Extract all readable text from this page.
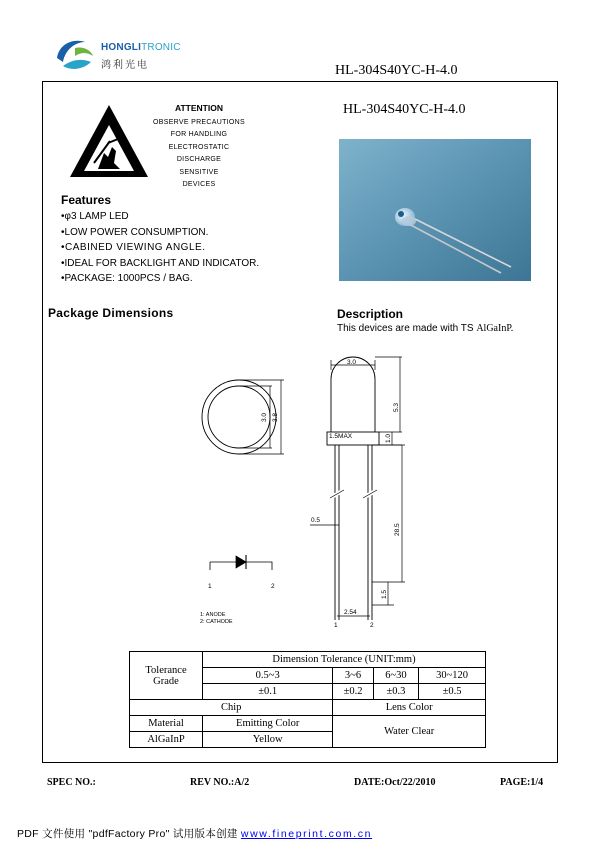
HONGLITRONIC
鸿利光电	HL-304S40YC-H-4.0
ATTENTION
OBSERVE PRECAUTIONS
FOR HANDLING
ELECTROSTATIC
DISCHARGE
SENSITIVE
DEVICES
HL-304S40YC-H-4.0
Features
•φ3 LAMP LED
•LOW POWER CONSUMPTION.
•CABINED VIEWING ANGLE.
•IDEAL FOR BACKLIGHT AND INDICATOR.
•PACKAGE: 1000PCS / BAG.
Package Dimensions	Description
This devices are made with TS AlGaInP.
3.0 3.8
3.0
5.3
1.5MAX	1.0
0.5
28.5
1.5
2.54
1	2
1	2
1: ANODE
2: CATHODE
Tolerance
Grade	Dimension Tolerance (UNIT:mm)			
	0.5~3	3~6	6~30	30~120
	±0.1	±0.2	±0.3	±0.5
Chip		Lens Color		
Material	Emitting Color	Water Clear		
AlGaInP	Yellow			
SPEC NO.:	REV NO.:A/2	DATE:Oct/22/2010	PAGE:1/4
PDF 文件使用 "pdfFactory Pro" 试用版本创建 www.fineprint.com.cn
